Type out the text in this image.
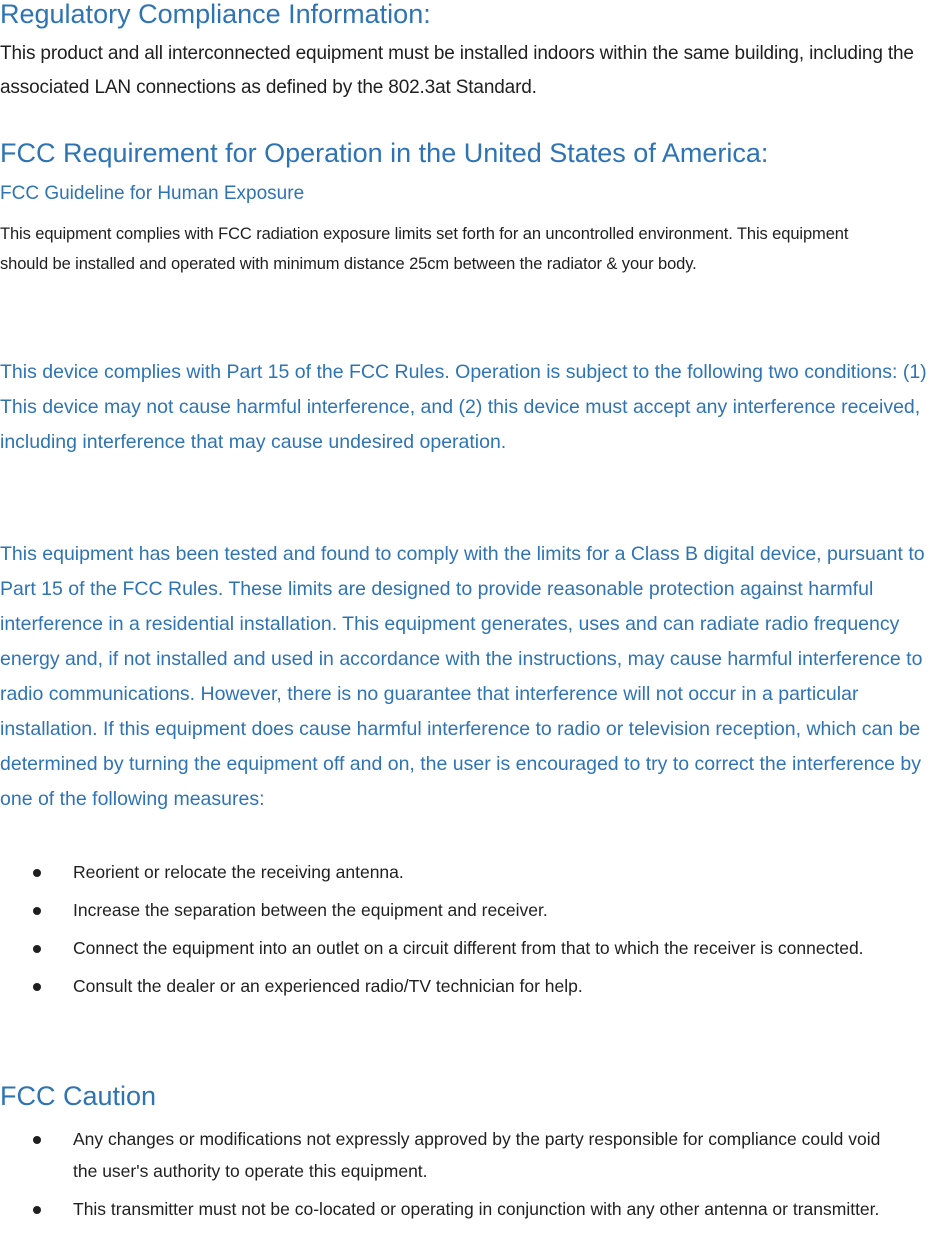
Regulatory Compliance Information:

This product and all interconnected equipment must be installed indoors within the same building, including the associated LAN connections as defined by the 802.3at Standard.

FCC Requirement for Operation in the United States of America:
FCC Guideline for Human Exposure

This equipment complies with FCC radiation exposure limits set forth for an uncontrolled environment. This equipment should be installed and operated with minimum distance 25cm between the radiator & your body.

This device complies with Part 15 of the FCC Rules. Operation is subject to the following two conditions: (1) This device may not cause harmful interference, and (2) this device must accept any interference received, including interference that may cause undesired operation.

This equipment has been tested and found to comply with the limits for a Class B digital device, pursuant to Part 15 of the FCC Rules. These limits are designed to provide reasonable protection against harmful interference in a residential installation. This equipment generates, uses and can radiate radio frequency energy and, if not installed and used in accordance with the instructions, may cause harmful interference to radio communications. However, there is no guarantee that interference will not occur in a particular installation. If this equipment does cause harmful interference to radio or television reception, which can be determined by turning the equipment off and on, the user is encouraged to try to correct the interference by one of the following measures:

Reorient or relocate the receiving antenna.
Increase the separation between the equipment and receiver.
Connect the equipment into an outlet on a circuit different from that to which the receiver is connected.
Consult the dealer or an experienced radio/TV technician for help.
FCC Caution
Any changes or modifications not expressly approved by the party responsible for compliance could void the user's authority to operate this equipment.
This transmitter must not be co-located or operating in conjunction with any other antenna or transmitter.
